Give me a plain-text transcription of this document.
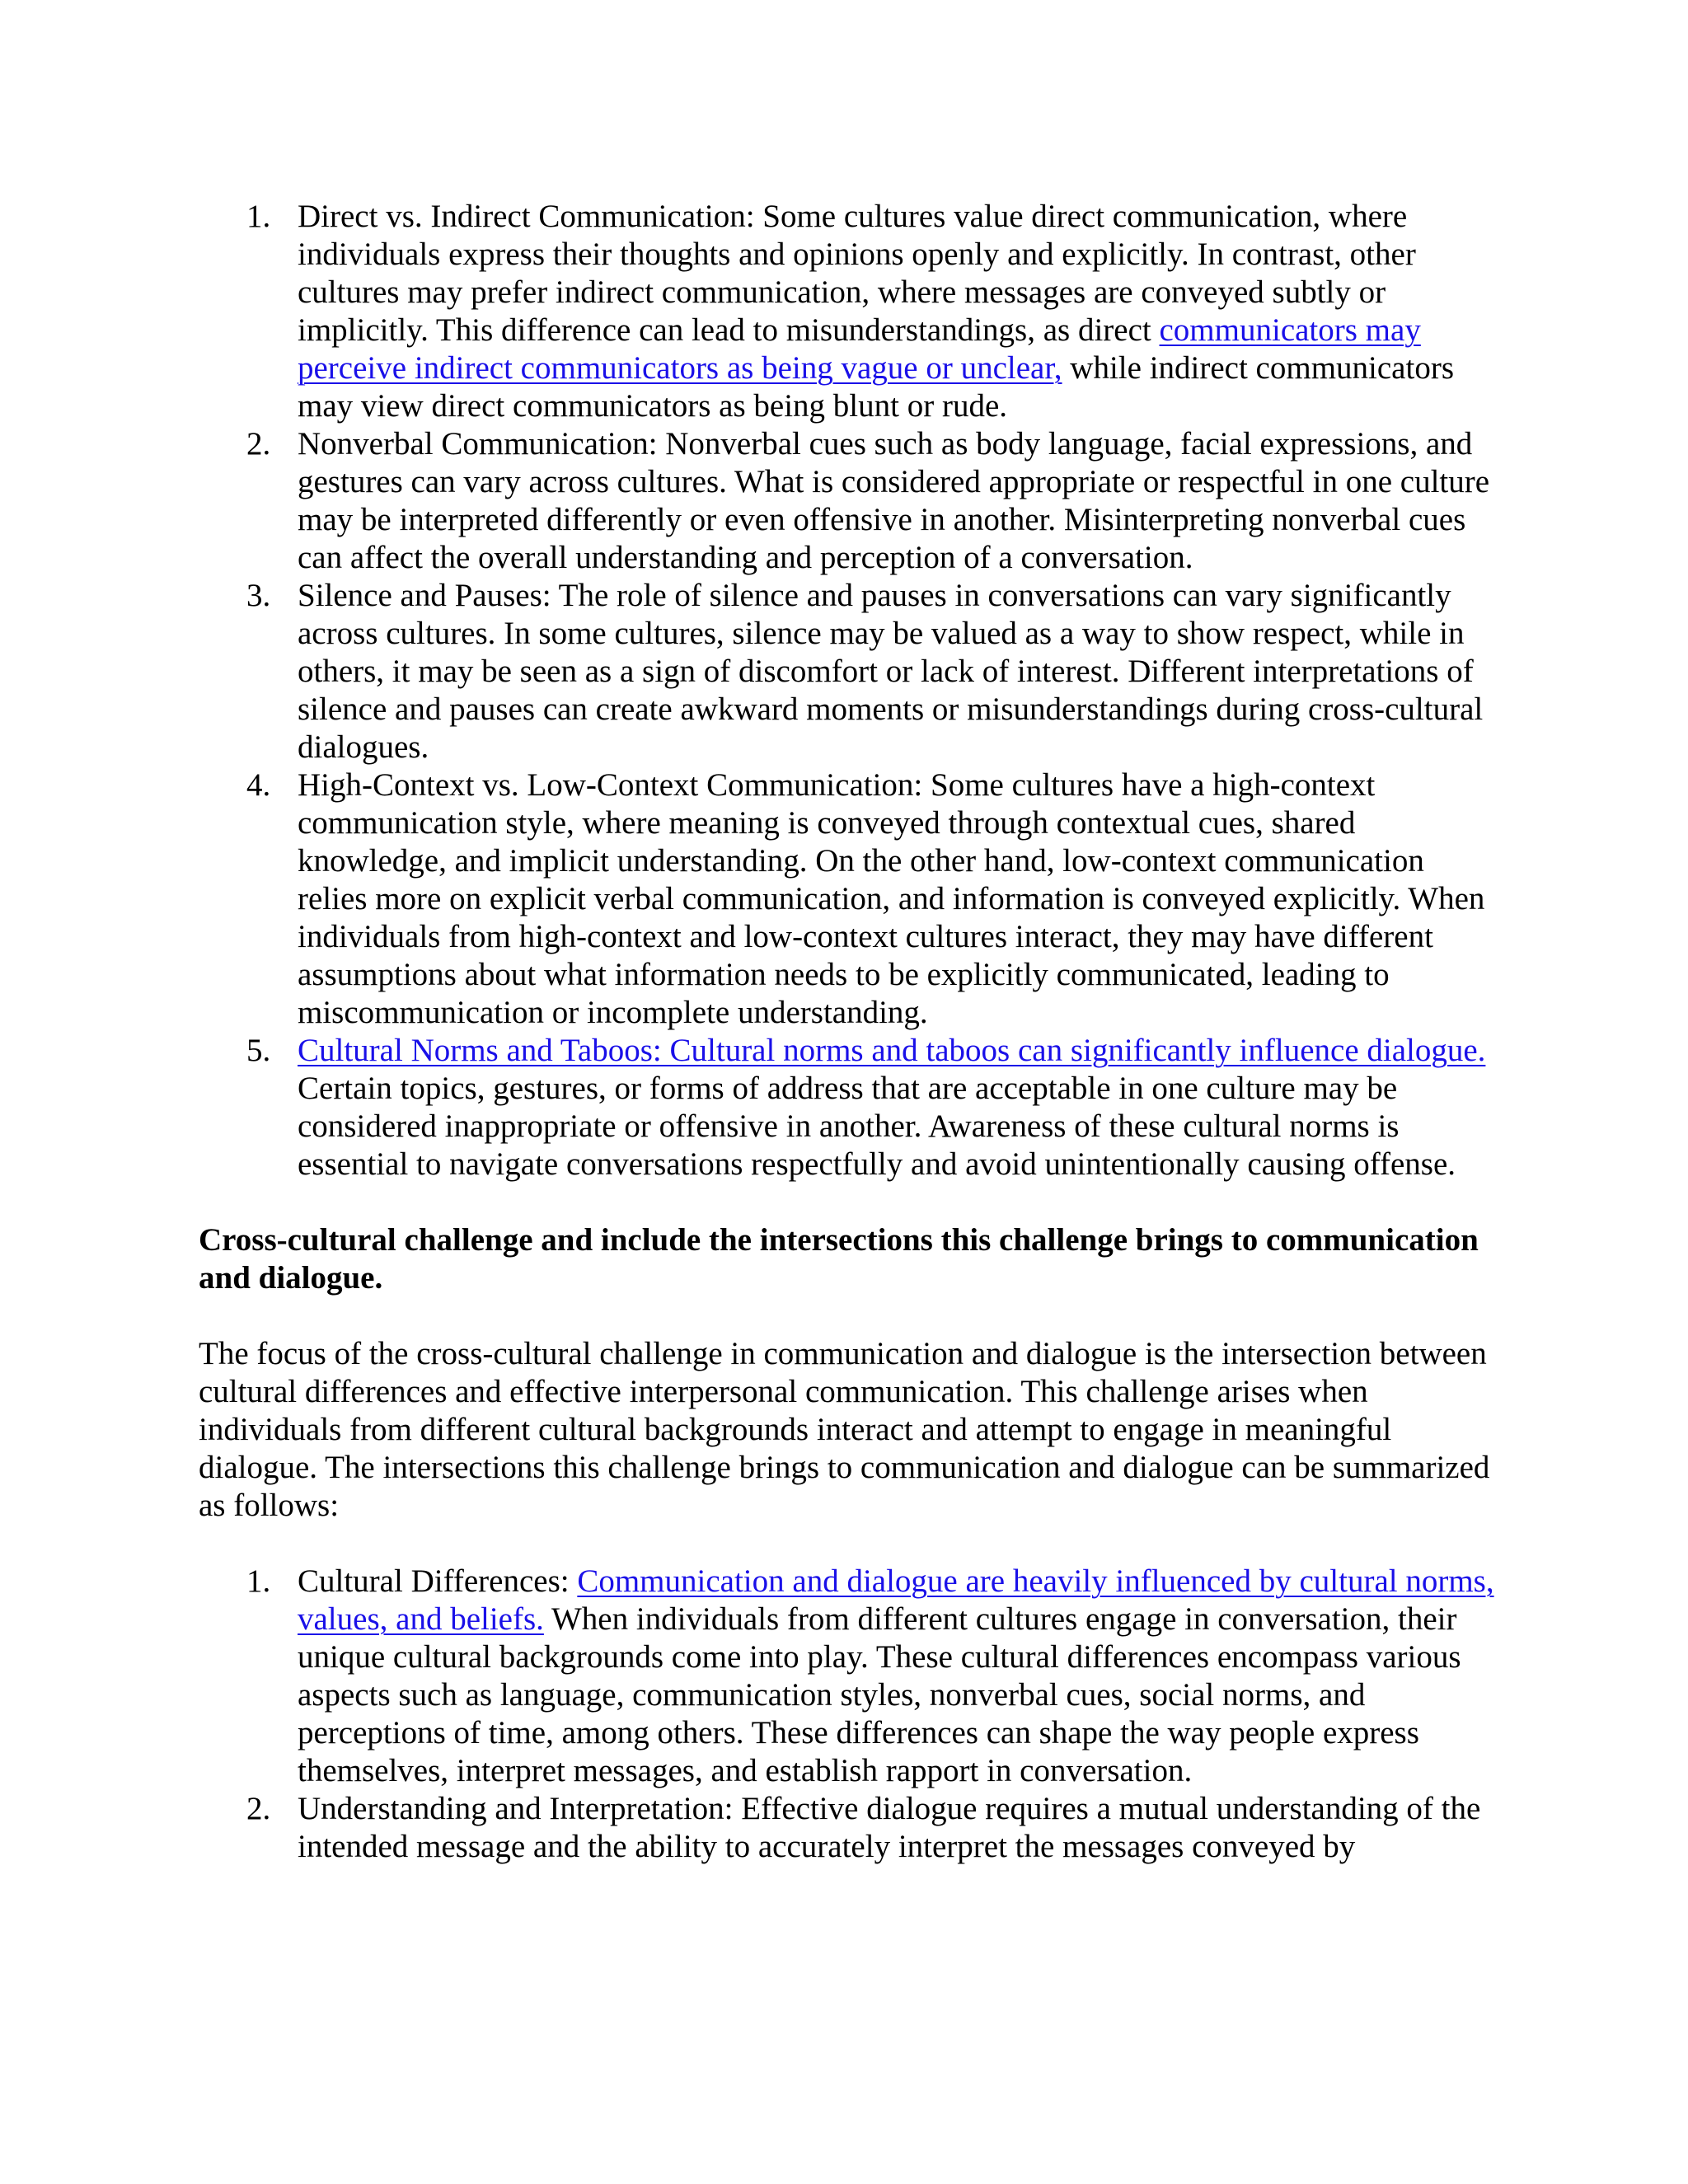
1. Direct vs. Indirect Communication: Some cultures value direct communication, where individuals express their thoughts and opinions openly and explicitly. In contrast, other cultures may prefer indirect communication, where messages are conveyed subtly or implicitly. This difference can lead to misunderstandings, as direct communicators may perceive indirect communicators as being vague or unclear, while indirect communicators may view direct communicators as being blunt or rude.
2. Nonverbal Communication: Nonverbal cues such as body language, facial expressions, and gestures can vary across cultures. What is considered appropriate or respectful in one culture may be interpreted differently or even offensive in another. Misinterpreting nonverbal cues can affect the overall understanding and perception of a conversation.
3. Silence and Pauses: The role of silence and pauses in conversations can vary significantly across cultures. In some cultures, silence may be valued as a way to show respect, while in others, it may be seen as a sign of discomfort or lack of interest. Different interpretations of silence and pauses can create awkward moments or misunderstandings during cross-cultural dialogues.
4. High-Context vs. Low-Context Communication: Some cultures have a high-context communication style, where meaning is conveyed through contextual cues, shared knowledge, and implicit understanding. On the other hand, low-context communication relies more on explicit verbal communication, and information is conveyed explicitly. When individuals from high-context and low-context cultures interact, they may have different assumptions about what information needs to be explicitly communicated, leading to miscommunication or incomplete understanding.
5. Cultural Norms and Taboos: Cultural norms and taboos can significantly influence dialogue. Certain topics, gestures, or forms of address that are acceptable in one culture may be considered inappropriate or offensive in another. Awareness of these cultural norms is essential to navigate conversations respectfully and avoid unintentionally causing offense.
Cross-cultural challenge and include the intersections this challenge brings to communication and dialogue.
The focus of the cross-cultural challenge in communication and dialogue is the intersection between cultural differences and effective interpersonal communication. This challenge arises when individuals from different cultural backgrounds interact and attempt to engage in meaningful dialogue. The intersections this challenge brings to communication and dialogue can be summarized as follows:
1. Cultural Differences: Communication and dialogue are heavily influenced by cultural norms, values, and beliefs. When individuals from different cultures engage in conversation, their unique cultural backgrounds come into play. These cultural differences encompass various aspects such as language, communication styles, nonverbal cues, social norms, and perceptions of time, among others. These differences can shape the way people express themselves, interpret messages, and establish rapport in conversation.
2. Understanding and Interpretation: Effective dialogue requires a mutual understanding of the intended message and the ability to accurately interpret the messages conveyed by
